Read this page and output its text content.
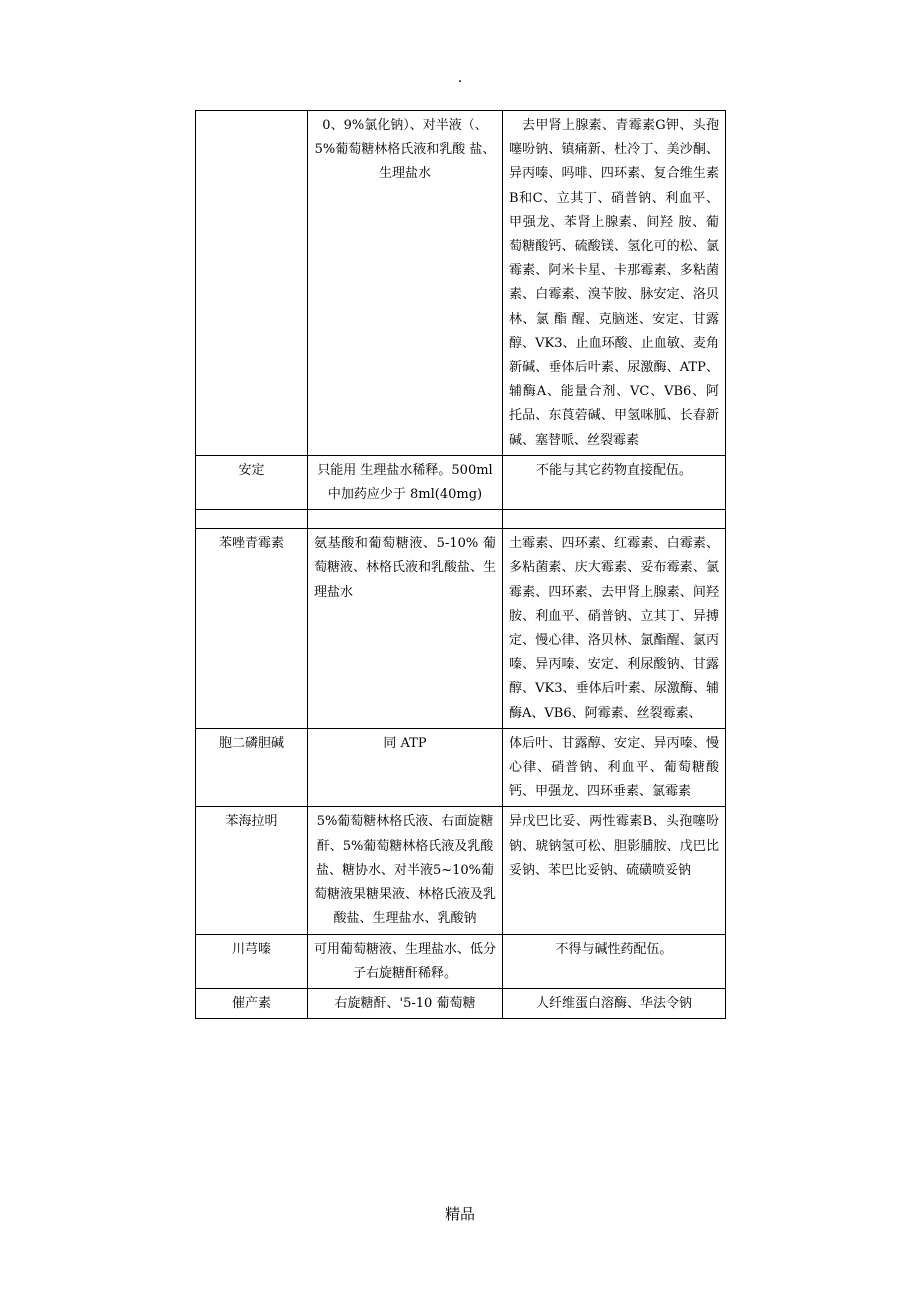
.
	0、9%氯化钠）、对半液（、5%葡萄糖林格氏液和乳酸 盐、生理盐水	去甲肾上腺素、青霉素G钾、头孢噻吩钠、镇痛新、杜冷丁、美沙酮、异丙嗪、吗啡、四环素、复合维生素B和C、立其丁、硝普钠、利血平、甲强龙、苯肾上腺素、间羟 胺、葡萄糖酸钙、硫酸镁、氢化可的松、氯霉素、阿米卡星、卡那霉素、多粘菌素、白霉素、溴苄胺、脉安定、洛贝林、氯 酯 醒、克脑迷、安定、甘露醇、VK3、止血环酸、止血敏、麦角新碱、垂体后叶素、尿激酶、ATP、辅酶A、能量合剂、VC、VB6、阿托品、东莨菪碱、甲氢咪胍、长春新碱、塞替哌、丝裂霉素
安定	只能用 生理盐水稀释。500ml中加药应少于 8ml(40mg)	不能与其它药物直接配伍。

苯唑青霉素	氨基酸和葡萄糖液、5-10% 葡萄糖液、林格氏液和乳酸盐、生理盐水	土霉素、四环素、红霉素、白霉素、多粘菌素、庆大霉素、妥布霉素、氯霉素、四环素、去甲肾上腺素、间羟 胺、利血平、硝普钠、立其丁、异搏定、慢心律、洛贝林、氯酯醒、氯丙嗪、异丙嗪、安定、利尿酸钠、甘露醇、VK3、垂体后叶素、尿激酶、辅酶A、VB6、阿霉素、丝裂霉素、
胞二磷胆碱	同 ATP	体后叶、甘露醇、安定、异丙嗪、慢心律、硝普钠、利血平、葡萄糖酸钙、甲强龙、四环垂素、氯霉素
苯海拉明	5%葡萄糖林格氏液、右面旋糖酐、5%葡萄糖林格氏液及乳酸盐、糖协水、对半液5~10%葡萄糖液果糖果液、林格氏液及乳酸盐、生理盐水、乳酸钠	异戊巴比妥、两性霉素B、头孢噻吩钠、琥钠氢可松、胆影脯胺、戊巴比妥钠、苯巴比妥钠、硫磺喷妥钠
川芎嗪	可用葡萄糖液、生理盐水、低分子右旋糖酐稀释。	不得与碱性药配伍。
催产素	右旋糖酐、'5-10 葡萄糖	人纤维蛋白溶酶、华法令钠
精品
